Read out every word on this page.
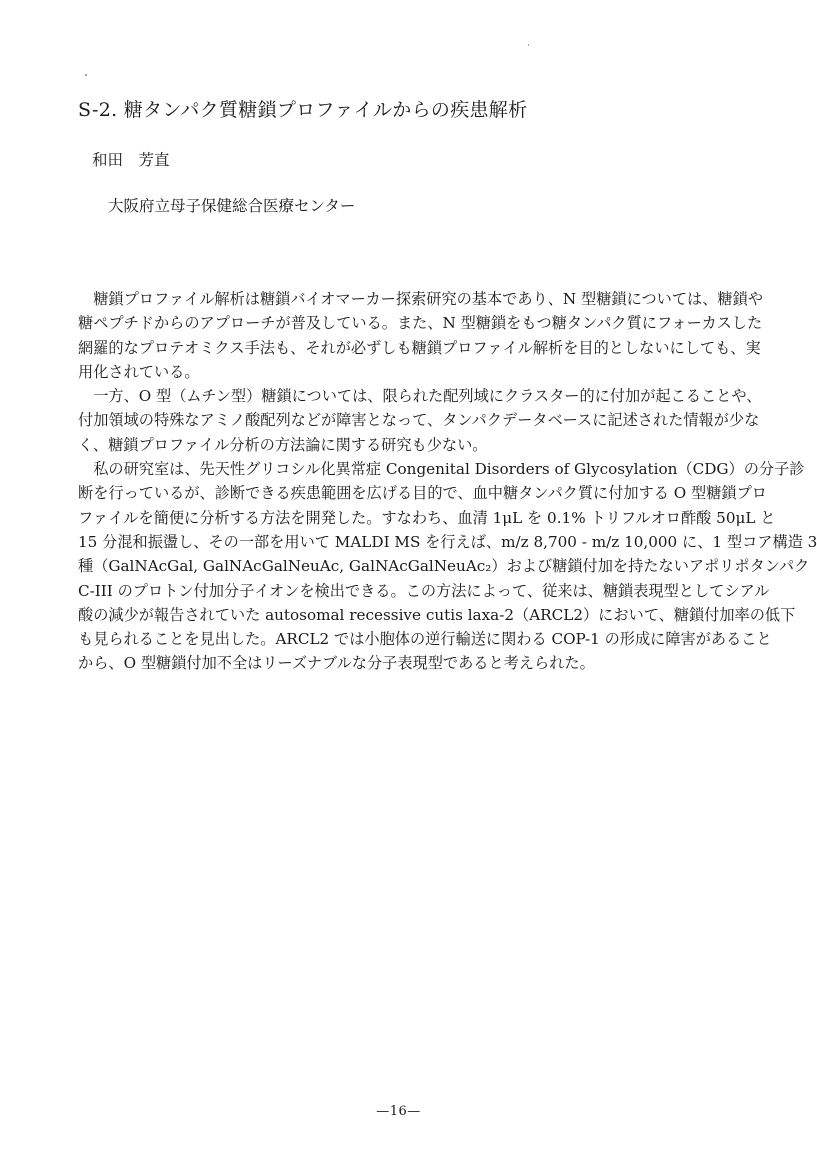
S-2. 糖タンパク質糖鎖プロファイルからの疾患解析
和田　芳直
大阪府立母子保健総合医療センター
　糖鎖プロファイル解析は糖鎖バイオマーカー探索研究の基本であり、N 型糖鎖については、糖鎖や
糖ペプチドからのアプローチが普及している。また、N 型糖鎖をもつ糖タンパク質にフォーカスした
網羅的なプロテオミクス手法も、それが必ずしも糖鎖プロファイル解析を目的としないにしても、実
用化されている。
　一方、O 型（ムチン型）糖鎖については、限られた配列域にクラスター的に付加が起こることや、
付加領域の特殊なアミノ酸配列などが障害となって、タンパクデータベースに記述された情報が少な
く、糖鎖プロファイル分析の方法論に関する研究も少ない。
　私の研究室は、先天性グリコシル化異常症 Congenital Disorders of Glycosylation（CDG）の分子診
断を行っているが、診断できる疾患範囲を広げる目的で、血中糖タンパク質に付加する O 型糖鎖プロ
ファイルを簡便に分析する方法を開発した。すなわち、血清 1μL を 0.1% トリフルオロ酢酸 50μL と
15 分混和振盪し、その一部を用いて MALDI MS を行えば、m/z 8,700 - m/z 10,000 に、1 型コア構造 3
種（GalNAcGal, GalNAcGalNeuAc, GalNAcGalNeuAc₂）および糖鎖付加を持たないアポリポタンパク
C-III のプロトン付加分子イオンを検出できる。この方法によって、従来は、糖鎖表現型としてシアル
酸の減少が報告されていた autosomal recessive cutis laxa-2（ARCL2）において、糖鎖付加率の低下
も見られることを見出した。ARCL2 では小胞体の逆行輸送に関わる COP-1 の形成に障害があること
から、O 型糖鎖付加不全はリーズナブルな分子表現型であると考えられた。
—16—
